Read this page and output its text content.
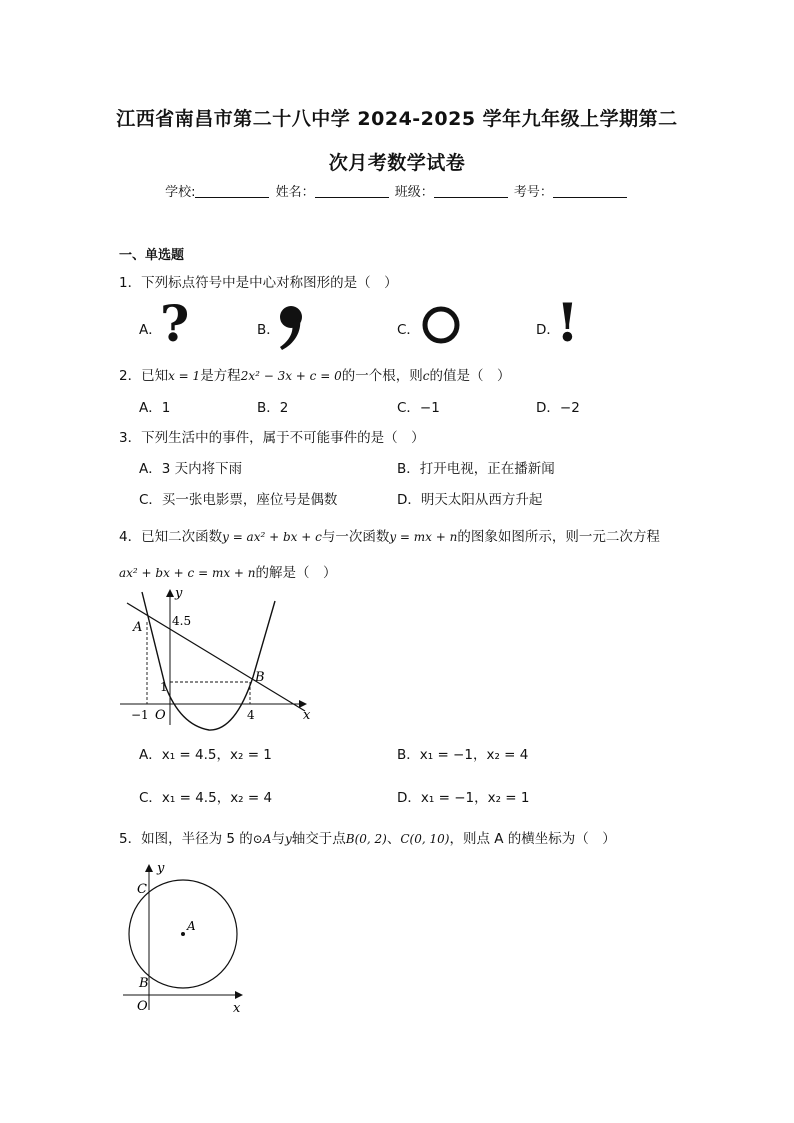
江西省南昌市第二十八中学 2024-2025 学年九年级上学期第二
次月考数学试卷
学校:	姓名：	班级：	考号：
一、单选题
1．下列标点符号中是中心对称图形的是（　）
A．
?	B．	C．	D．
!
2．已知x = 1是方程2x² − 3x + c = 0的一个根，则c的值是（　）
A．1	B．2	C．−1	D．−2
3．下列生活中的事件，属于不可能事件的是（　）
A．3 天内将下雨	B．打开电视，正在播新闻
C．买一张电影票，座位号是偶数	D．明天太阳从西方升起
4．已知二次函数y = ax² + bx + c与一次函数y = mx + n的图象如图所示，则一元二次方程
ax² + bx + c = mx + n的解是（　）
y
x
A
B
O
4.5
1
−1	4
A．x₁ = 4.5，x₂ = 1	B．x₁ = −1，x₂ = 4
C．x₁ = 4.5，x₂ = 4	D．x₁ = −1，x₂ = 1
5．如图，半径为 5 的⊙A与y轴交于点B(0, 2)、C(0, 10)，则点 A 的横坐标为（　）
y
x
C
B
O
A
